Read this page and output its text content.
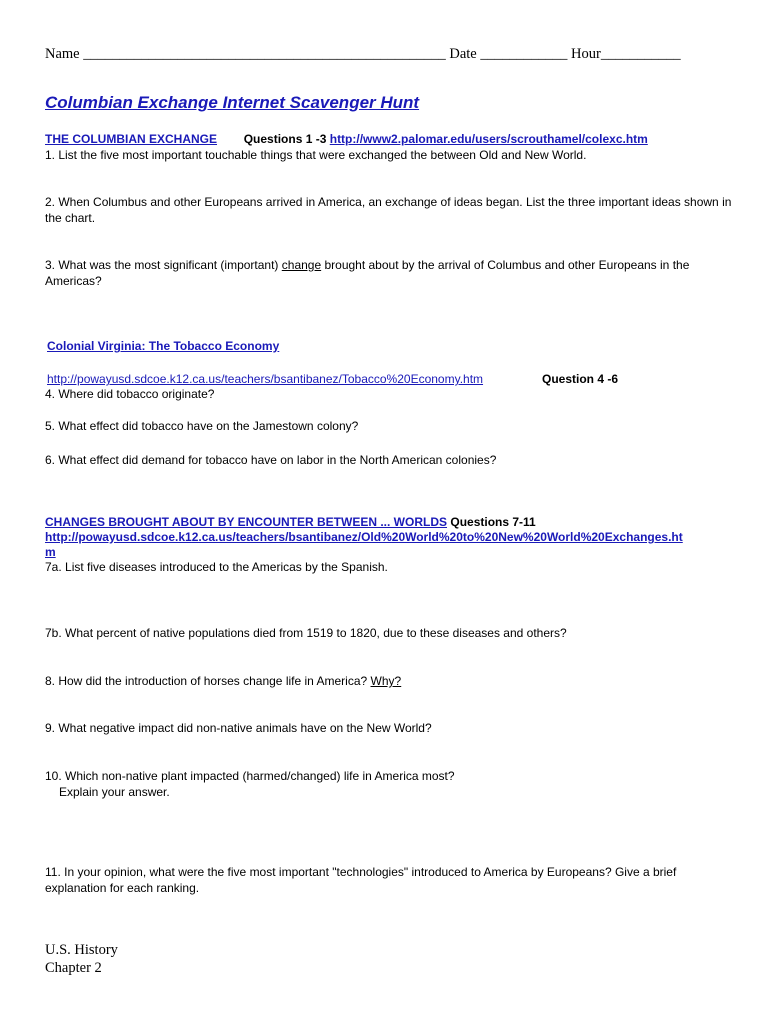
Name __________________________________________________ Date ____________ Hour___________
Columbian Exchange Internet Scavenger Hunt
THE COLUMBIAN EXCHANGE Questions 1 -3 http://www2.palomar.edu/users/scrouthamel/colexc.htm
1. List the five most important touchable things that were exchanged the between Old and New World.
2. When Columbus and other Europeans arrived in America, an exchange of ideas began. List the three important ideas shown in the chart.
3. What was the most significant (important) change brought about by the arrival of Columbus and other Europeans in the Americas?
Colonial Virginia: The Tobacco Economy
http://powayusd.sdcoe.k12.ca.us/teachers/bsantibanez/Tobacco%20Economy.htm	Question 4 -6
4. Where did tobacco originate?
5. What effect did tobacco have on the Jamestown colony?
6. What effect did demand for tobacco have on labor in the North American colonies?
CHANGES BROUGHT ABOUT BY ENCOUNTER BETWEEN ... WORLDS Questions 7-11
http://powayusd.sdcoe.k12.ca.us/teachers/bsantibanez/Old%20World%20to%20New%20World%20Exchanges.ht
m
7a. List five diseases introduced to the Americas by the Spanish.
7b. What percent of native populations died from 1519 to 1820, due to these diseases and others?
8. How did the introduction of horses change life in America? Why?
9. What negative impact did non-native animals have on the New World?
10. Which non-native plant impacted (harmed/changed) life in America most?
Explain your answer.
11. In your opinion, what were the five most important "technologies" introduced to America by Europeans? Give a brief explanation for each ranking.
U.S. History
Chapter 2
